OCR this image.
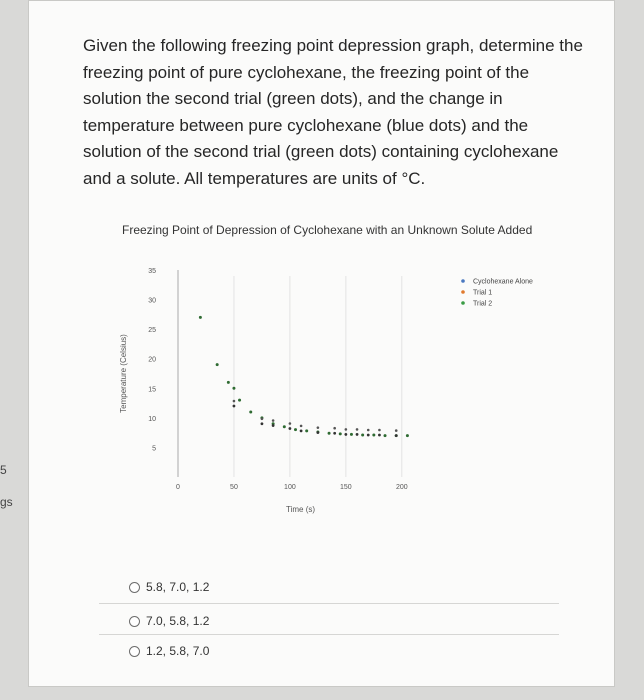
5
gs

Given the following freezing point depression graph, determine the freezing point of pure cyclohexane, the freezing point of the solution the second trial (green dots), and the change in temperature between pure cyclohexane (blue dots) and the solution of the second trial (green dots) containing cyclohexane and a solute. All temperatures are units of °C.

Freezing Point of Depression of Cyclohexane with an Unknown Solute Added
5
10
15
20
25
30
35
0	50	100	150	200
Temperature (Celsius)
Time (s)
Cyclohexane Alone
Trial 1
Trial 2
5.8, 7.0, 1.2
7.0, 5.8, 1.2
1.2, 5.8, 7.0
